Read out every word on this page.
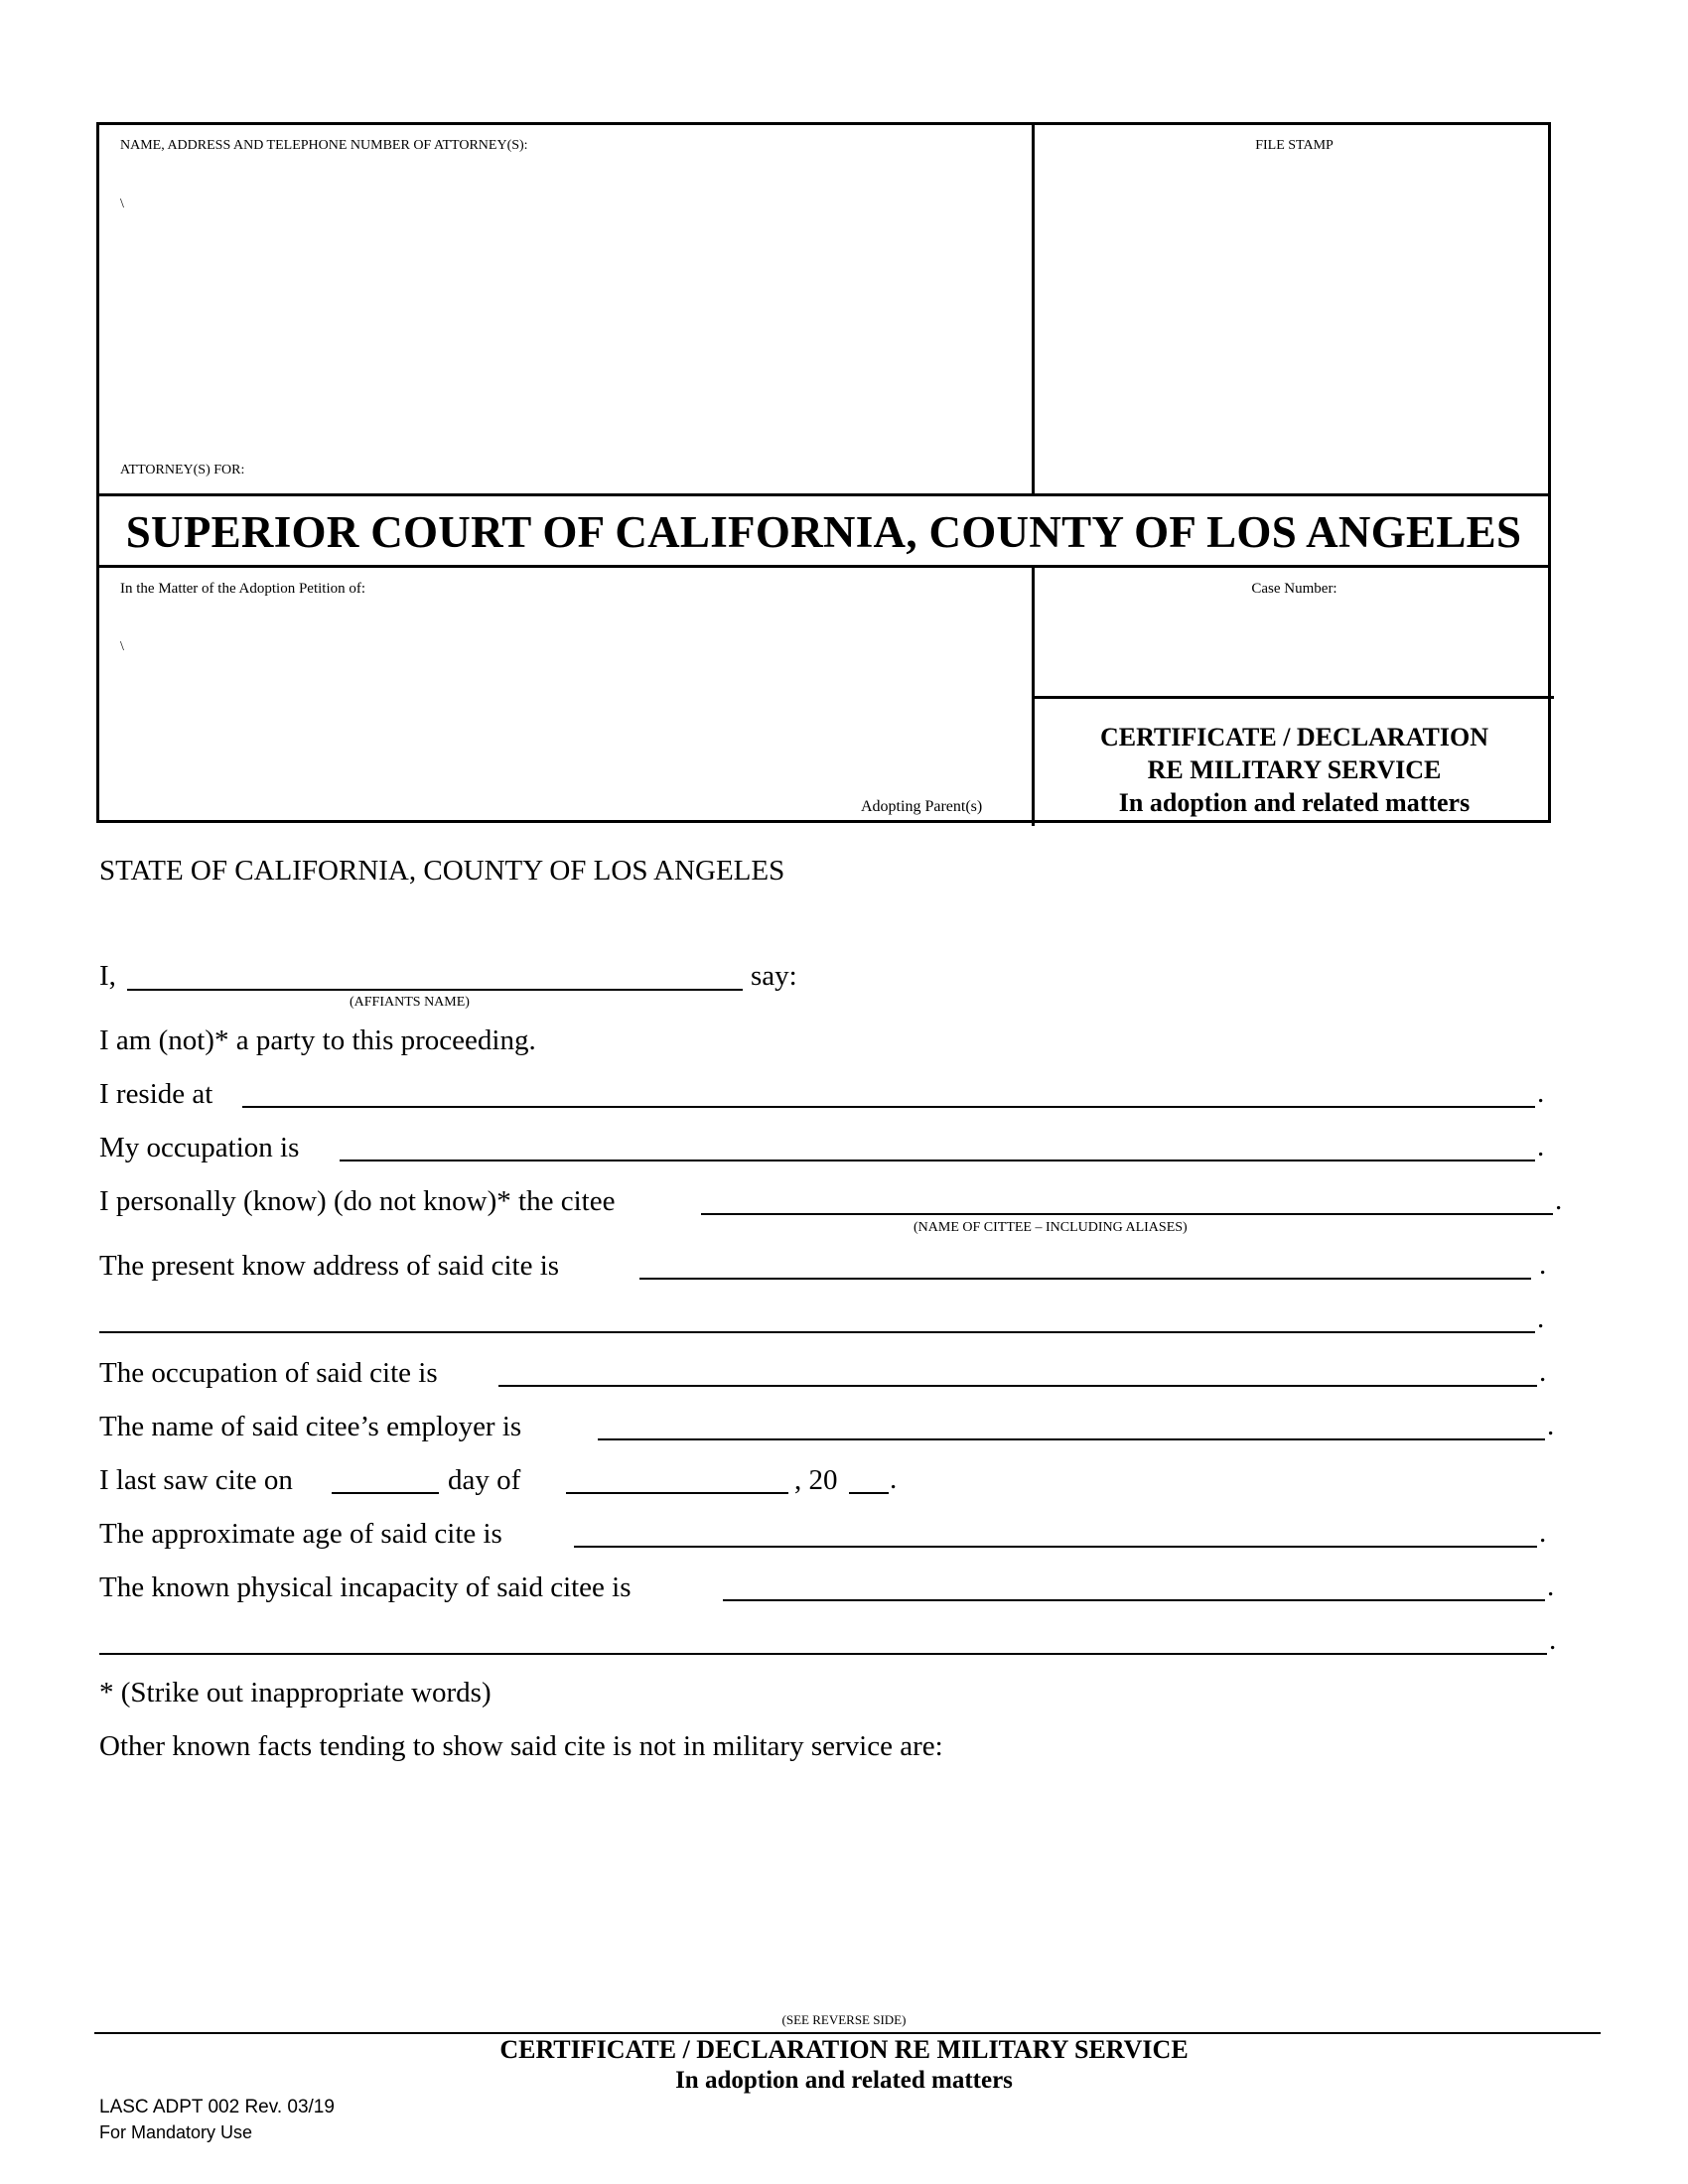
NAME, ADDRESS AND TELEPHONE NUMBER OF ATTORNEY(S):
\
ATTORNEY(S) FOR:
FILE STAMP
SUPERIOR COURT OF CALIFORNIA, COUNTY OF LOS ANGELES
In the Matter of the Adoption Petition of:
\
Adopting Parent(s)
Case Number:
CERTIFICATE / DECLARATION
RE MILITARY SERVICE
In adoption and related matters
STATE OF CALIFORNIA, COUNTY OF LOS ANGELES
I,	say:
(AFFIANTS NAME)
I am (not)* a party to this proceeding.
I reside at	.
My occupation is	.
I personally (know) (do not know)* the citee	.
(NAME OF CITTEE – INCLUDING ALIASES)
The present know address of said cite is	.
.
The occupation of said cite is	.
The name of said citee’s employer is	.
I last saw cite on	day of	, 20 .
The approximate age of said cite is	.
The known physical incapacity of said citee is	.
.
* (Strike out inappropriate words)
Other known facts tending to show said cite is not in military service are:
(SEE REVERSE SIDE)
CERTIFICATE / DECLARATION RE MILITARY SERVICE
In adoption and related matters
LASC ADPT 002 Rev. 03/19
For Mandatory Use
